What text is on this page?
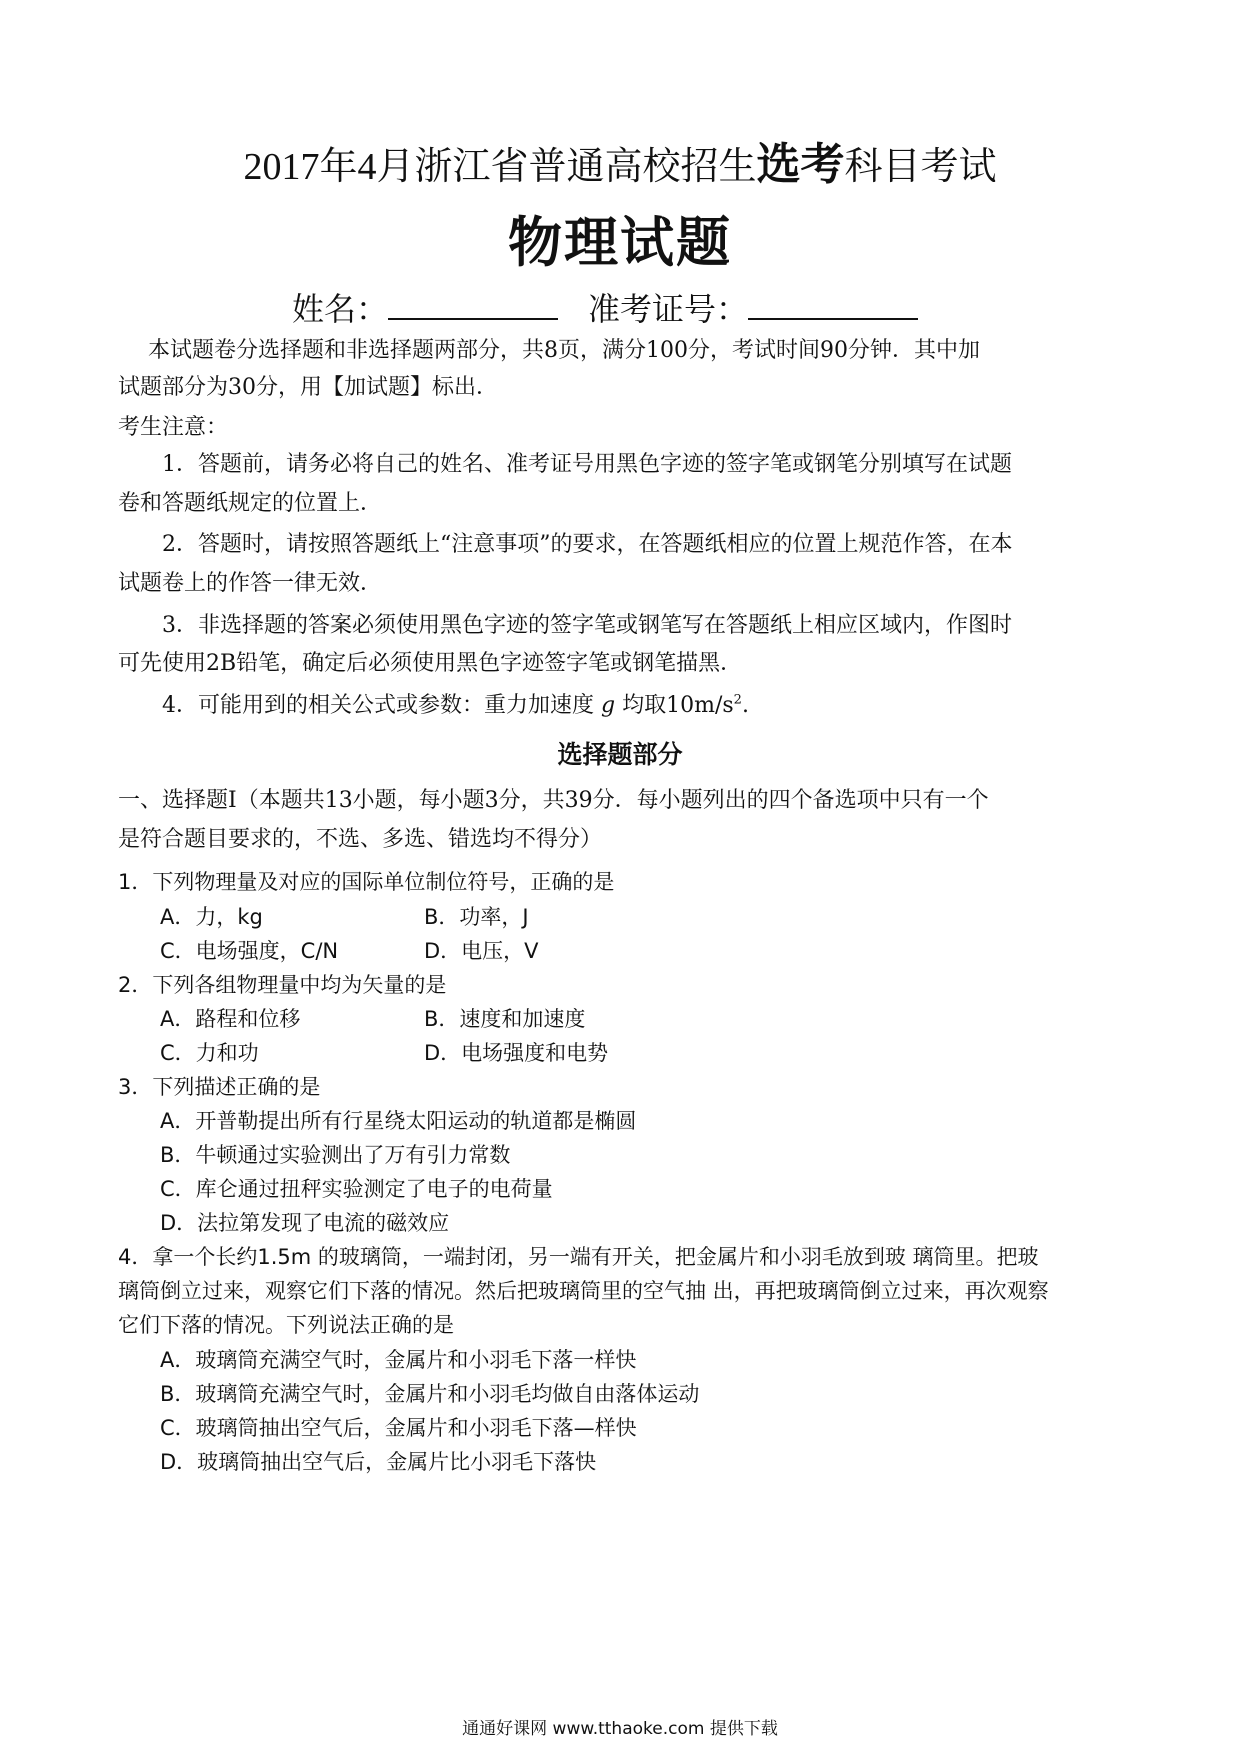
2017年4月浙江省普通高校招生选考科目考试
物理试题
姓名：	准考证号：
本试题卷分选择题和非选择题两部分，共8页，满分100分，考试时间90分钟．其中加
试题部分为30分，用【加试题】标出．
考生注意：
1．答题前，请务必将自己的姓名、准考证号用黑色字迹的签字笔或钢笔分别填写在试题
卷和答题纸规定的位置上．
2．答题时，请按照答题纸上“注意事项”的要求，在答题纸相应的位置上规范作答，在本
试题卷上的作答一律无效．
3．非选择题的答案必须使用黑色字迹的签字笔或钢笔写在答题纸上相应区域内，作图时
可先使用2B铅笔，确定后必须使用黑色字迹签字笔或钢笔描黑．
4．可能用到的相关公式或参数：重力加速度 g 均取$10m/s^2$.
选择题部分
一、选择题Ⅰ（本题共13小题，每小题3分，共39分．每小题列出的四个备选项中只有一个
是符合题目要求的，不选、多选、错选均不得分）
1．下列物理量及对应的国际单位制位符号，正确的是
A．力，kg	B．功率，J
C．电场强度，C/N	D．电压，V
2．下列各组物理量中均为矢量的是
A．路程和位移	B．速度和加速度
C．力和功	D．电场强度和电势
3．下列描述正确的是
A．开普勒提出所有行星绕太阳运动的轨道都是椭圆
B．牛顿通过实验测出了万有引力常数
C．库仑通过扭秤实验测定了电子的电荷量
D．法拉第发现了电流的磁效应
4．拿一个长约1.5m 的玻璃筒，一端封闭，另一端有开关，把金属片和小羽毛放到玻 璃筒里。把玻
璃筒倒立过来，观察它们下落的情况。然后把玻璃筒里的空气抽 出，再把玻璃筒倒立过来，再次观察
它们下落的情况。下列说法正确的是
A．玻璃筒充满空气时，金属片和小羽毛下落一样快
B．玻璃筒充满空气时，金属片和小羽毛均做自由落体运动
C．玻璃筒抽出空气后，金属片和小羽毛下落—样快
D．玻璃筒抽出空气后，金属片比小羽毛下落快
通通好课网 www.tthaoke.com 提供下载
